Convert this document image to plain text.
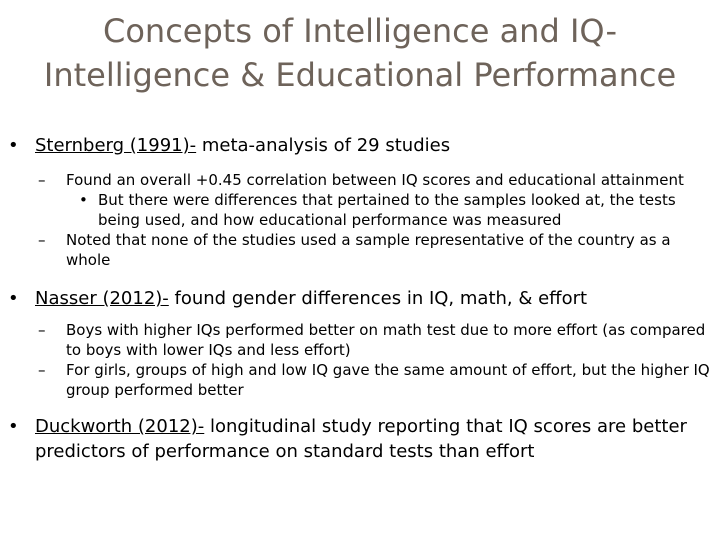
Concepts of Intelligence and IQ-
Intelligence & Educational Performance

• Sternberg (1991)- meta-analysis of 29 studies

– Found an overall +0.45 correlation between IQ scores and educational attainment

• But there were differences that pertained to the samples looked at, the tests being used, and how educational performance was measured

– Noted that none of the studies used a sample representative of the country as a whole

• Nasser (2012)- found gender differences in IQ, math, & effort

– Boys with higher IQs performed better on math test due to more effort (as compared to boys with lower IQs and less effort)

– For girls, groups of high and low IQ gave the same amount of effort, but the higher IQ group performed better

• Duckworth (2012)- longitudinal study reporting that IQ scores are better predictors of performance on standard tests than effort
